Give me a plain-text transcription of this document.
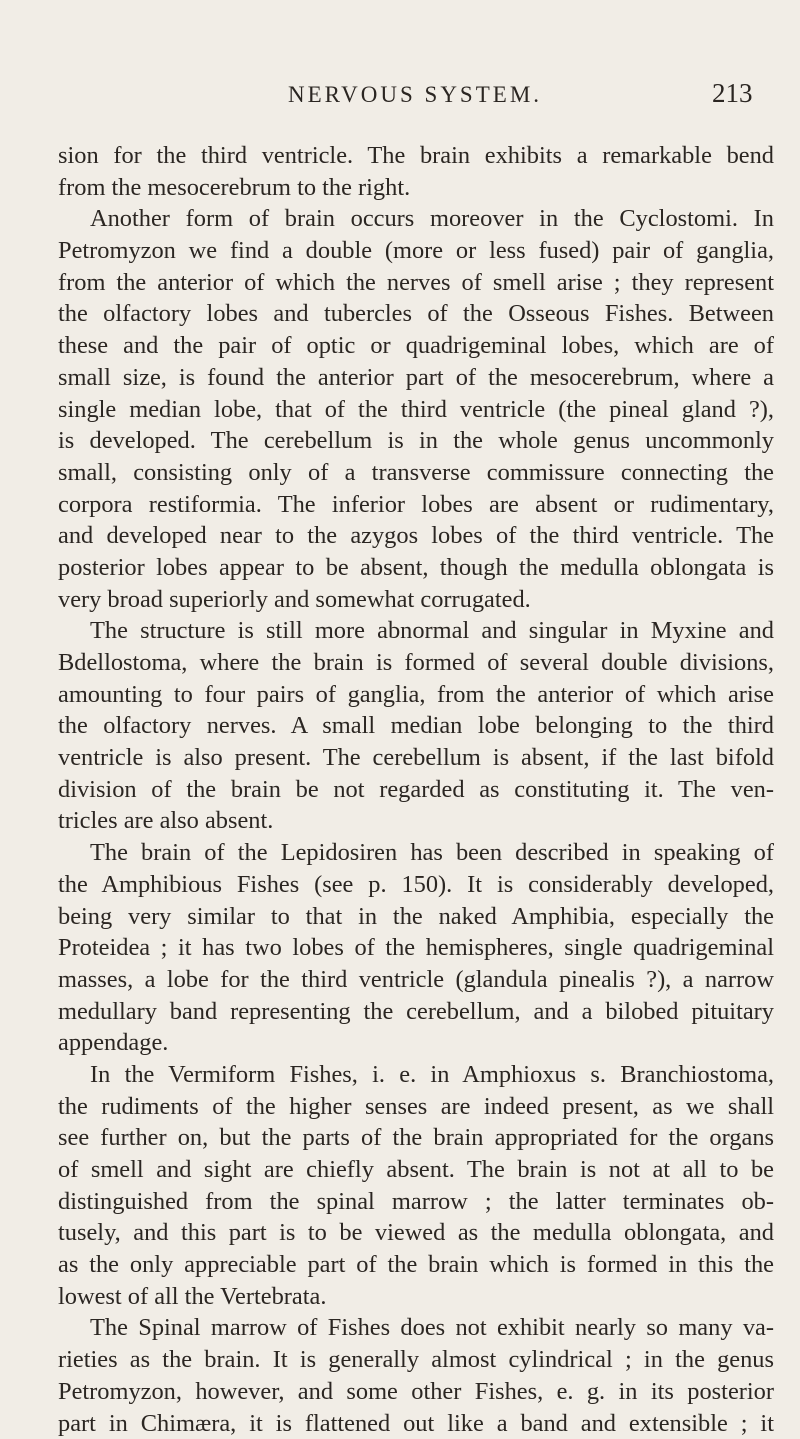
NERVOUS SYSTEM.	213
sion for the third ventricle. The brain exhibits a remarkable bend
from the mesocerebrum to the right.
Another form of brain occurs moreover in the Cyclostomi. In
Petromyzon we find a double (more or less fused) pair of ganglia,
from the anterior of which the nerves of smell arise ; they represent
the olfactory lobes and tubercles of the Osseous Fishes. Between
these and the pair of optic or quadrigeminal lobes, which are of
small size, is found the anterior part of the mesocerebrum, where a
single median lobe, that of the third ventricle (the pineal gland ?),
is developed. The cerebellum is in the whole genus uncommonly
small, consisting only of a transverse commissure connecting the
corpora restiformia. The inferior lobes are absent or rudimentary,
and developed near to the azygos lobes of the third ventricle. The
posterior lobes appear to be absent, though the medulla oblongata is
very broad superiorly and somewhat corrugated.
The structure is still more abnormal and singular in Myxine and
Bdellostoma, where the brain is formed of several double divisions,
amounting to four pairs of ganglia, from the anterior of which arise
the olfactory nerves. A small median lobe belonging to the third
ventricle is also present. The cerebellum is absent, if the last bifold
division of the brain be not regarded as constituting it. The ven-
tricles are also absent.
The brain of the Lepidosiren has been described in speaking of
the Amphibious Fishes (see p. 150). It is considerably developed,
being very similar to that in the naked Amphibia, especially the
Proteidea ; it has two lobes of the hemispheres, single quadrigeminal
masses, a lobe for the third ventricle (glandula pinealis ?), a narrow
medullary band representing the cerebellum, and a bilobed pituitary
appendage.
In the Vermiform Fishes, i. e. in Amphioxus s. Branchiostoma,
the rudiments of the higher senses are indeed present, as we shall
see further on, but the parts of the brain appropriated for the organs
of smell and sight are chiefly absent. The brain is not at all to be
distinguished from the spinal marrow ; the latter terminates ob-
tusely, and this part is to be viewed as the medulla oblongata, and
as the only appreciable part of the brain which is formed in this the
lowest of all the Vertebrata.
The Spinal marrow of Fishes does not exhibit nearly so many va-
rieties as the brain. It is generally almost cylindrical ; in the genus
Petromyzon, however, and some other Fishes, e. g. in its posterior
part in Chimæra, it is flattened out like a band and extensible ; it
